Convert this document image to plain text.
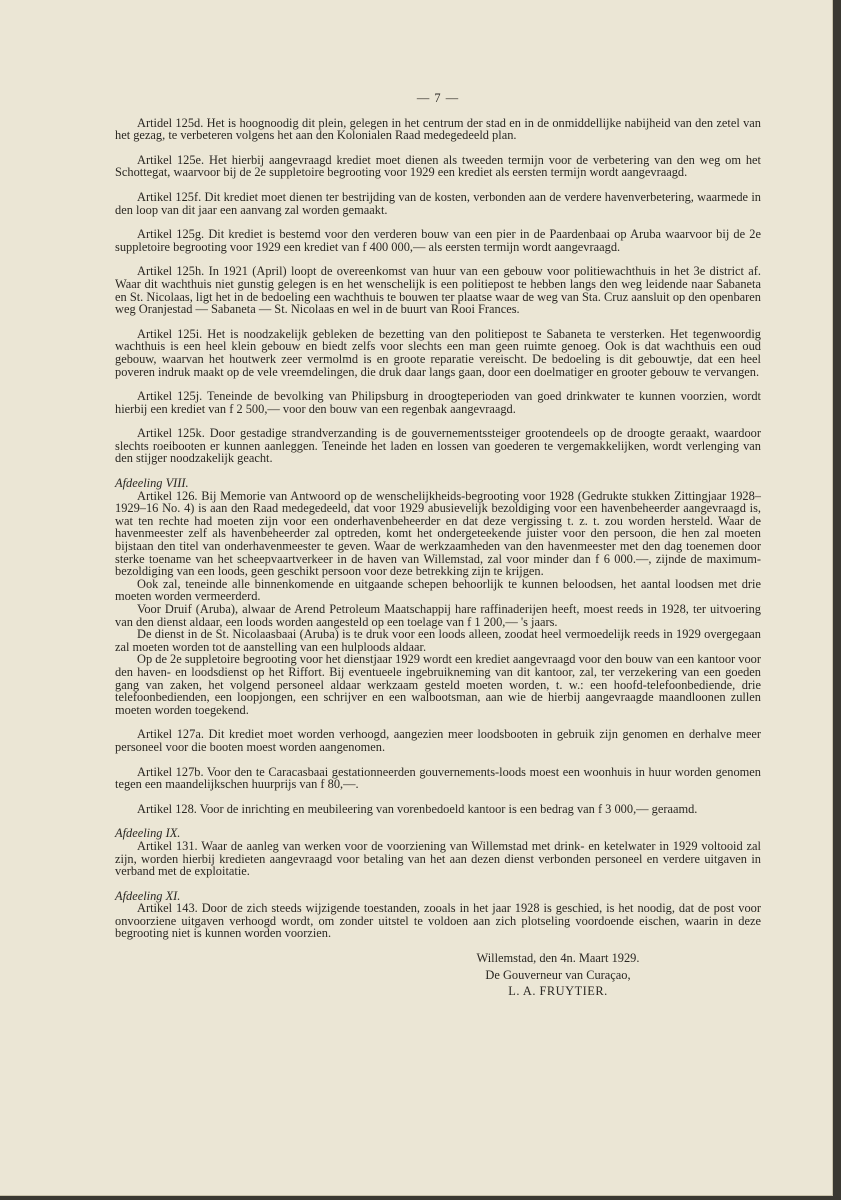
— 7 —

Artidel 125d. Het is hoognoodig dit plein, gelegen in het centrum der stad en in de onmiddellijke nabijheid van den zetel van het gezag, te verbeteren volgens het aan den Kolonialen Raad medegedeeld plan.

Artikel 125e. Het hierbij aangevraagd krediet moet dienen als tweeden termijn voor de verbetering van den weg om het Schottegat, waarvoor bij de 2e suppletoire begrooting voor 1929 een krediet als eersten termijn wordt aangevraagd.

Artikel 125f. Dit krediet moet dienen ter bestrijding van de kosten, verbonden aan de verdere havenverbetering, waarmede in den loop van dit jaar een aanvang zal worden gemaakt.

Artikel 125g. Dit krediet is bestemd voor den verderen bouw van een pier in de Paardenbaai op Aruba waarvoor bij de 2e suppletoire begrooting voor 1929 een krediet van f 400 000,— als eersten termijn wordt aangevraagd.

Artikel 125h. In 1921 (April) loopt de overeenkomst van huur van een gebouw voor politiewachthuis in het 3e district af. Waar dit wachthuis niet gunstig gelegen is en het wenschelijk is een politiepost te hebben langs den weg leidende naar Sabaneta en St. Nicolaas, ligt het in de bedoeling een wachthuis te bouwen ter plaatse waar de weg van Sta. Cruz aansluit op den openbaren weg Oranjestad — Sabaneta — St. Nicolaas en wel in de buurt van Rooi Frances.

Artikel 125i. Het is noodzakelijk gebleken de bezetting van den politiepost te Sabaneta te versterken. Het tegenwoordig wachthuis is een heel klein gebouw en biedt zelfs voor slechts een man geen ruimte genoeg. Ook is dat wachthuis een oud gebouw, waarvan het houtwerk zeer vermolmd is en groote reparatie vereischt. De bedoeling is dit gebouwtje, dat een heel poveren indruk maakt op de vele vreemdelingen, die druk daar langs gaan, door een doelmatiger en grooter gebouw te vervangen.

Artikel 125j. Teneinde de bevolking van Philipsburg in droogteperioden van goed drinkwater te kunnen voorzien, wordt hierbij een krediet van f 2 500,— voor den bouw van een regenbak aangevraagd.

Artikel 125k. Door gestadige strandverzanding is de gouvernementssteiger grootendeels op de droogte geraakt, waardoor slechts roeibooten er kunnen aanleggen. Teneinde het laden en lossen van goederen te vergemakkelijken, wordt verlenging van den stijger noodzakelijk geacht.

Afdeeling VIII.

Artikel 126. Bij Memorie van Antwoord op de wenschelijkheids-begrooting voor 1928 (Gedrukte stukken Zittingjaar 1928–1929–16 No. 4) is aan den Raad medegedeeld, dat voor 1929 abusievelijk bezoldiging voor een havenbeheerder aangevraagd is, wat ten rechte had moeten zijn voor een onderhavenbeheerder en dat deze vergissing t. z. t. zou worden hersteld. Waar de havenmeester zelf als havenbeheerder zal optreden, komt het ondergeteekende juister voor den persoon, die hen zal moeten bijstaan den titel van onderhavenmeester te geven. Waar de werkzaamheden van den havenmeester met den dag toenemen door sterke toename van het scheepvaartverkeer in de haven van Willemstad, zal voor minder dan f 6 000.—, zijnde de maximum-bezoldiging van een loods, geen geschikt persoon voor deze betrekking zijn te krijgen.

Ook zal, teneinde alle binnenkomende en uitgaande schepen behoorlijk te kunnen beloodsen, het aantal loodsen met drie moeten worden vermeerderd.

Voor Druif (Aruba), alwaar de Arend Petroleum Maatschappij hare raffinaderijen heeft, moest reeds in 1928, ter uitvoering van den dienst aldaar, een loods worden aangesteld op een toelage van f 1 200,— 's jaars.

De dienst in de St. Nicolaasbaai (Aruba) is te druk voor een loods alleen, zoodat heel vermoedelijk reeds in 1929 overgegaan zal moeten worden tot de aanstelling van een hulploods aldaar.

Op de 2e suppletoire begrooting voor het dienstjaar 1929 wordt een krediet aangevraagd voor den bouw van een kantoor voor den haven- en loodsdienst op het Riffort. Bij eventueele ingebruikneming van dit kantoor, zal, ter verzekering van een goeden gang van zaken, het volgend personeel aldaar werkzaam gesteld moeten worden, t. w.: een hoofd-telefoonbediende, drie telefoonbedienden, een loopjongen, een schrijver en een walbootsman, aan wie de hierbij aangevraagde maandloonen zullen moeten worden toegekend.

Artikel 127a. Dit krediet moet worden verhoogd, aangezien meer loodsbooten in gebruik zijn genomen en derhalve meer personeel voor die booten moest worden aangenomen.

Artikel 127b. Voor den te Caracasbaai gestationneerden gouvernements-loods moest een woonhuis in huur worden genomen tegen een maandelijkschen huurprijs van f 80,—.

Artikel 128. Voor de inrichting en meubileering van vorenbedoeld kantoor is een bedrag van f 3 000,— geraamd.

Afdeeling IX.

Artikel 131. Waar de aanleg van werken voor de voorziening van Willemstad met drink- en ketelwater in 1929 voltooid zal zijn, worden hierbij kredieten aangevraagd voor betaling van het aan dezen dienst verbonden personeel en verdere uitgaven in verband met de exploitatie.

Afdeeling XI.

Artikel 143. Door de zich steeds wijzigende toestanden, zooals in het jaar 1928 is geschied, is het noodig, dat de post voor onvoorziene uitgaven verhoogd wordt, om zonder uitstel te voldoen aan zich plotseling voordoende eischen, waarin in deze begrooting niet is kunnen worden voorzien.

Willemstad, den 4n. Maart 1929.

De Gouverneur van Curaçao,

L. A. FRUYTIER.
